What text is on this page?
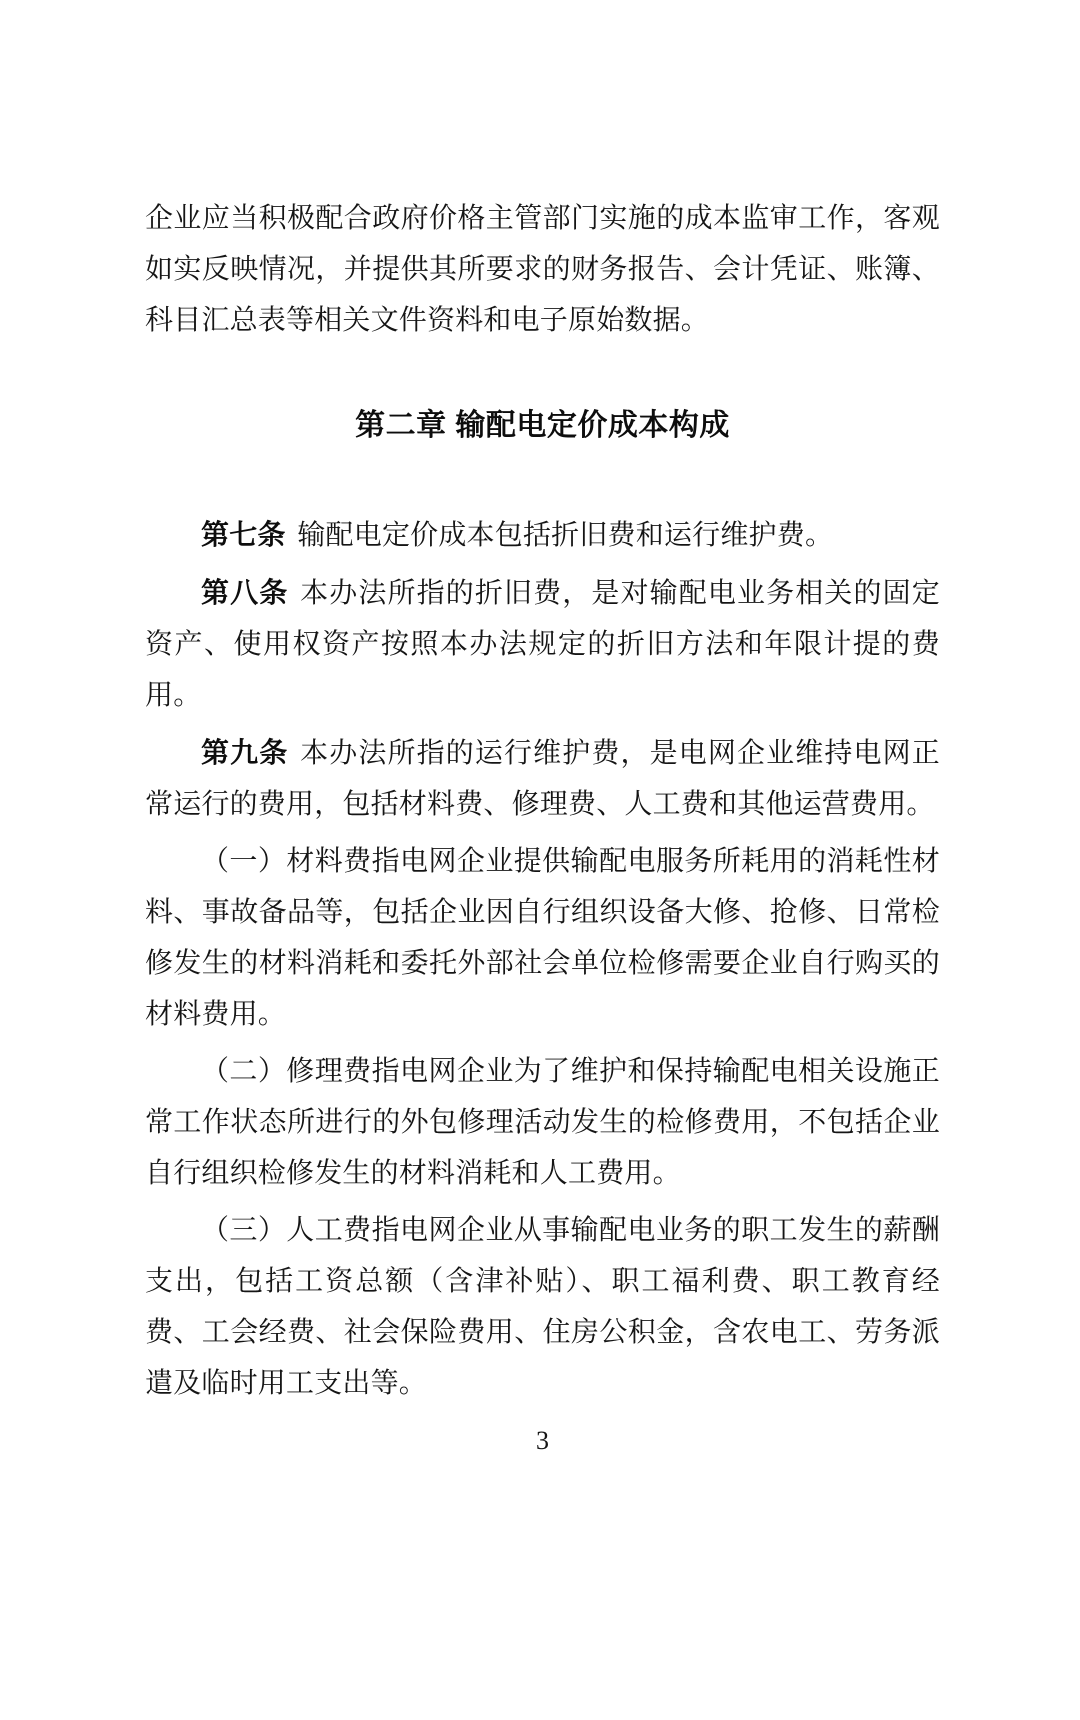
企业应当积极配合政府价格主管部门实施的成本监审工作，客观如实反映情况，并提供其所要求的财务报告、会计凭证、账簿、科目汇总表等相关文件资料和电子原始数据。

第二章 输配电定价成本构成

第七条 输配电定价成本包括折旧费和运行维护费。

第八条 本办法所指的折旧费，是对输配电业务相关的固定资产、使用权资产按照本办法规定的折旧方法和年限计提的费用。

第九条 本办法所指的运行维护费，是电网企业维持电网正常运行的费用，包括材料费、修理费、人工费和其他运营费用。

（一）材料费指电网企业提供输配电服务所耗用的消耗性材料、事故备品等，包括企业因自行组织设备大修、抢修、日常检修发生的材料消耗和委托外部社会单位检修需要企业自行购买的材料费用。

（二）修理费指电网企业为了维护和保持输配电相关设施正常工作状态所进行的外包修理活动发生的检修费用，不包括企业自行组织检修发生的材料消耗和人工费用。

（三）人工费指电网企业从事输配电业务的职工发生的薪酬支出，包括工资总额（含津补贴）、职工福利费、职工教育经费、工会经费、社会保险费用、住房公积金，含农电工、劳务派遣及临时用工支出等。

3
